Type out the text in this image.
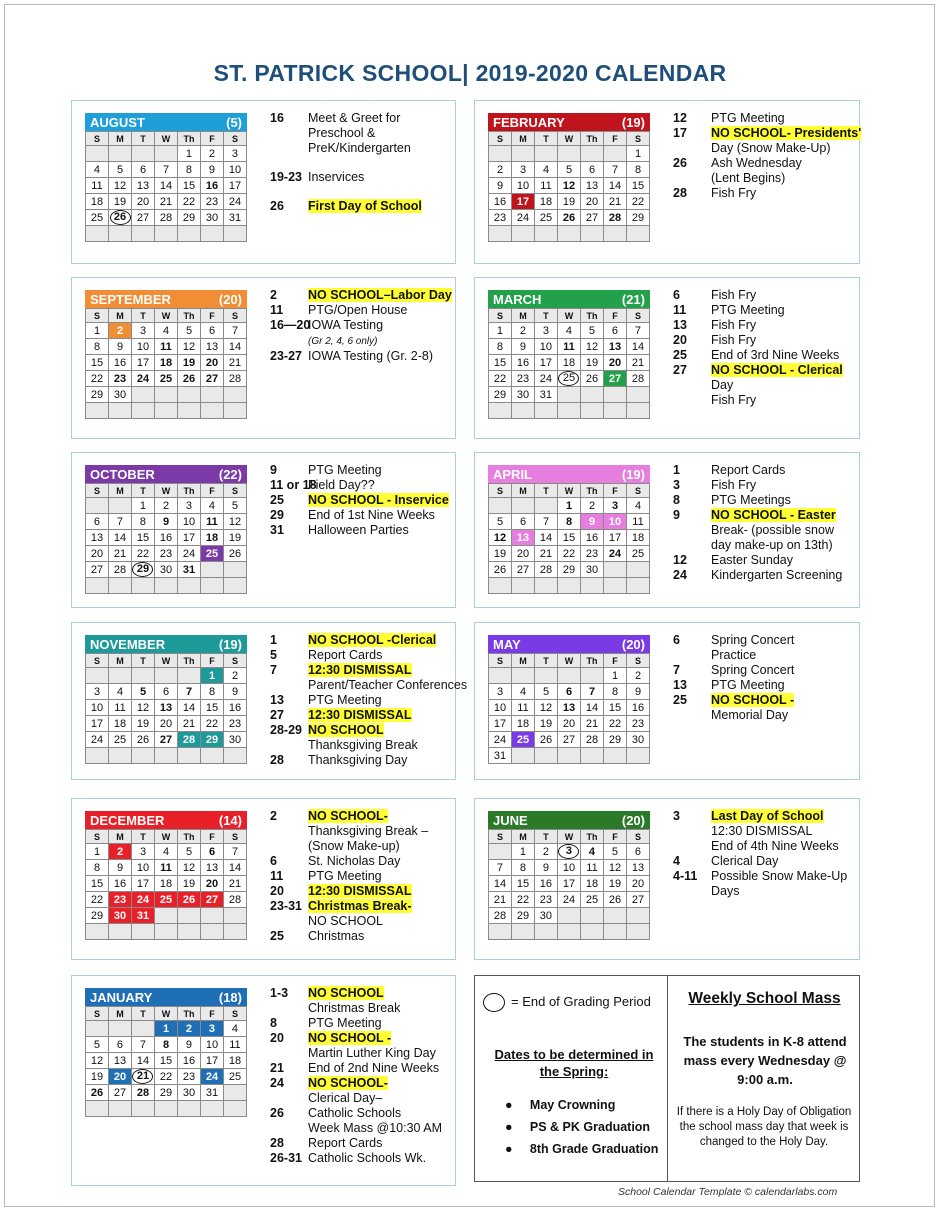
ST. PATRICK SCHOOL| 2019-2020 CALENDAR
AUGUST	(5)
S	M	T	W	Th	F	S
				1	2	3
4	5	6	7	8	9	10
11	12	13	14	15	16	17
18	19	20	21	22	23	24
25	26	27	28	29	30	31

16 Meet & Greet for
Preschool &
PreK/Kindergarten
19-23 Inservices
26 First Day of School
FEBRUARY	(19)
S	M	T	W	Th	F	S
						1
2	3	4	5	6	7	8
9	10	11	12	13	14	15
16	17	18	19	20	21	22
23	24	25	26	27	28	29

12 PTG Meeting
17 NO SCHOOL- Presidents'
Day (Snow Make-Up)
26 Ash Wednesday
(Lent Begins)
28 Fish Fry
SEPTEMBER	(20)
S	M	T	W	Th	F	S
1	2	3	4	5	6	7
8	9	10	11	12	13	14
15	16	17	18	19	20	21
22	23	24	25	26	27	28
29	30					

2 NO SCHOOL–Labor Day
11 PTG/Open House
16—20
IOWA Testing
(Gr 2, 4, 6 only)
23-27 IOWA Testing (Gr. 2-8)
MARCH	(21)
S	M	T	W	Th	F	S
1	2	3	4	5	6	7
8	9	10	11	12	13	14
15	16	17	18	19	20	21
22	23	24	25	26	27	28
29	30	31				

6 Fish Fry
11 PTG Meeting
13 Fish Fry
20 Fish Fry
25 End of 3rd Nine Weeks
27 NO SCHOOL - Clerical
Day
Fish Fry
OCTOBER	(22)
S	M	T	W	Th	F	S
		1	2	3	4	5
6	7	8	9	10	11	12
13	14	15	16	17	18	19
20	21	22	23	24	25	26
27	28	29	30	31		

9 PTG Meeting
11 or 18
Field Day??
25 NO SCHOOL - Inservice
29 End of 1st Nine Weeks
31 Halloween Parties
APRIL	(19)
S	M	T	W	Th	F	S
			1	2	3	4
5	6	7	8	9	10	11
12	13	14	15	16	17	18
19	20	21	22	23	24	25
26	27	28	29	30		

1 Report Cards
3 Fish Fry
8 PTG Meetings
9 NO SCHOOL - Easter
Break- (possible snow
day make-up on 13th)
12 Easter Sunday
24 Kindergarten Screening
NOVEMBER	(19)
S	M	T	W	Th	F	S
					1	2
3	4	5	6	7	8	9
10	11	12	13	14	15	16
17	18	19	20	21	22	23
24	25	26	27	28	29	30

1 NO SCHOOL -Clerical
5 Report Cards
7 12:30 DISMISSAL
Parent/Teacher Conferences
13 PTG Meeting
27 12:30 DISMISSAL
28-29 NO SCHOOL
Thanksgiving Break
28 Thanksgiving Day
MAY	(20)
S	M	T	W	Th	F	S
					1	2
3	4	5	6	7	8	9
10	11	12	13	14	15	16
17	18	19	20	21	22	23
24	25	26	27	28	29	30
31						
6 Spring Concert
Practice
7 Spring Concert
13 PTG Meeting
25 NO SCHOOL -
Memorial Day
DECEMBER	(14)
S	M	T	W	Th	F	S
1	2	3	4	5	6	7
8	9	10	11	12	13	14
15	16	17	18	19	20	21
22	23	24	25	26	27	28
29	30	31				

2 NO SCHOOL-
Thanksgiving Break –
(Snow Make-up)
6 St. Nicholas Day
11 PTG Meeting
20 12:30 DISMISSAL
23-31 Christmas Break-
NO SCHOOL
25 Christmas
JUNE	(20)
S	M	T	W	Th	F	S
	1	2	3	4	5	6
7	8	9	10	11	12	13
14	15	16	17	18	19	20
21	22	23	24	25	26	27
28	29	30				

3 Last Day of School
12:30 DISMISSAL
End of 4th Nine Weeks
4 Clerical Day
4-11 Possible Snow Make-Up
Days
JANUARY	(18)
S	M	T	W	Th	F	S
			1	2	3	4
5	6	7	8	9	10	11
12	13	14	15	16	17	18
19	20	21	22	23	24	25
26	27	28	29	30	31	

1-3 NO SCHOOL
Christmas Break
8 PTG Meeting
20 NO SCHOOL -
Martin Luther King Day
21 End of 2nd Nine Weeks
24 NO SCHOOL-
Clerical Day–
26 Catholic Schools
Week Mass @10:30 AM
28 Report Cards
26-31 Catholic Schools Wk.
= End of Grading Period
Dates to be determined in the Spring:
●     May Crowning
●     PS & PK Graduation
●     8th Grade Graduation
Weekly School Mass
The students in K-8 attend mass every Wednesday @ 9:00 a.m.
If there is a Holy Day of Obligation the school mass day that week is changed to the Holy Day.
School Calendar Template © calendarlabs.com
